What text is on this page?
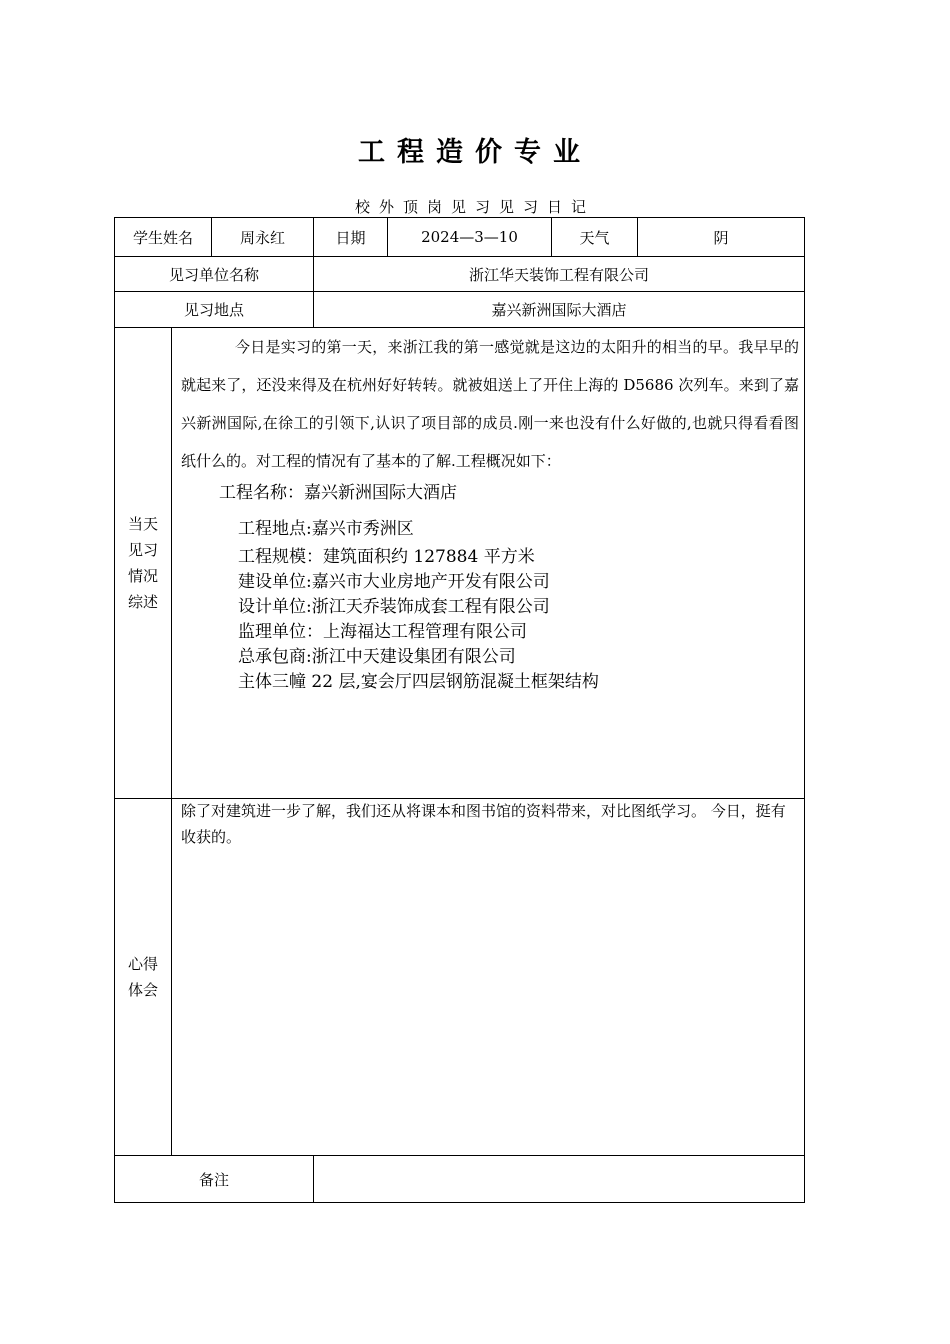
工程造价专业
校外顶岗见习见习日记
学生姓名	周永红	日期	2024—3—10	天气	阴
见习单位名称	浙江华天装饰工程有限公司
见习地点	嘉兴新洲国际大酒店
当天见习情况综述

今日是实习的第一天，来浙江我的第一感觉就是这边的太阳升的相当的早。我早早的就起来了，还没来得及在杭州好好转转。就被姐送上了开住上海的 D5686 次列车。来到了嘉兴新洲国际,在徐工的引领下,认识了项目部的成员.刚一来也没有什么好做的,也就只得看看图纸什么的。对工程的情况有了基本的了解.工程概况如下：

工程名称：嘉兴新洲国际大酒店
工程地点:嘉兴市秀洲区
工程规模：建筑面积约 127884 平方米
建设单位:嘉兴市大业房地产开发有限公司
设计单位:浙江天乔装饰成套工程有限公司
监理单位：上海福达工程管理有限公司
总承包商:浙江中天建设集团有限公司
主体三幢 22 层,宴会厅四层钢筋混凝土框架结构
心得体会
除了对建筑进一步了解，我们还从将课本和图书馆的资料带来，对比图纸学习。 今日，挺有收获的。
备注
